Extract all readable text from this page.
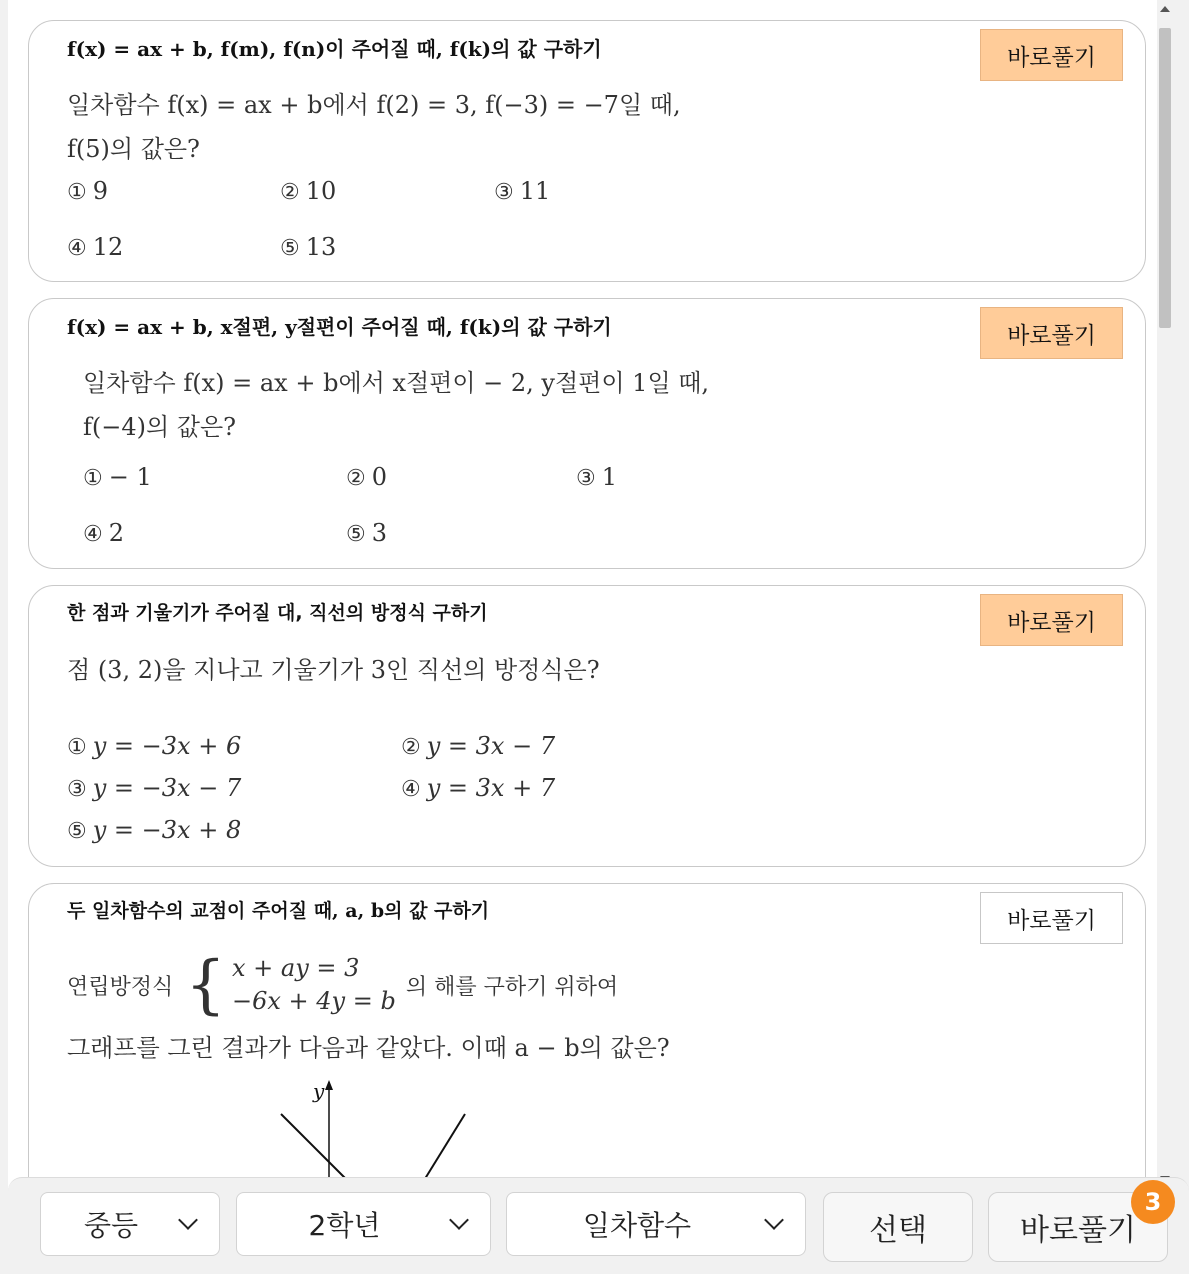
f(x) = ax + b, f(m), f(n)이 주어질 때, f(k)의 값 구하기	바로풀기
일차함수 f(x) = ax + b에서 f(2) = 3, f(−3) = −7일 때,
f(5)의 값은?
① 9	② 10	③ 11
④ 12	⑤ 13
f(x) = ax + b, x절편, y절편이 주어질 때, f(k)의 값 구하기	바로풀기
일차함수 f(x) = ax + b에서 x절편이 − 2, y절편이 1일 때,
f(−4)의 값은?
① − 1	② 0	③ 1
④ 2	⑤ 3
한 점과 기울기가 주어질 대, 직선의 방정식 구하기	바로풀기
점 (3, 2)을 지나고 기울기가 3인 직선의 방정식은?
① y = −3x + 6	② y = 3x − 7
③ y = −3x − 7	④ y = 3x + 7
⑤ y = −3x + 8
두 일차함수의 교점이 주어질 때, a, b의 값 구하기	바로풀기
연립방정식 { x + ay = 3
−6x + 4y = b 의 해를 구하기 위하여
그래프를 그린 결과가 다음과 같았다. 이때 a − b의 값은?
y
중등	2학년	일차함수	선택	바로풀기
3
